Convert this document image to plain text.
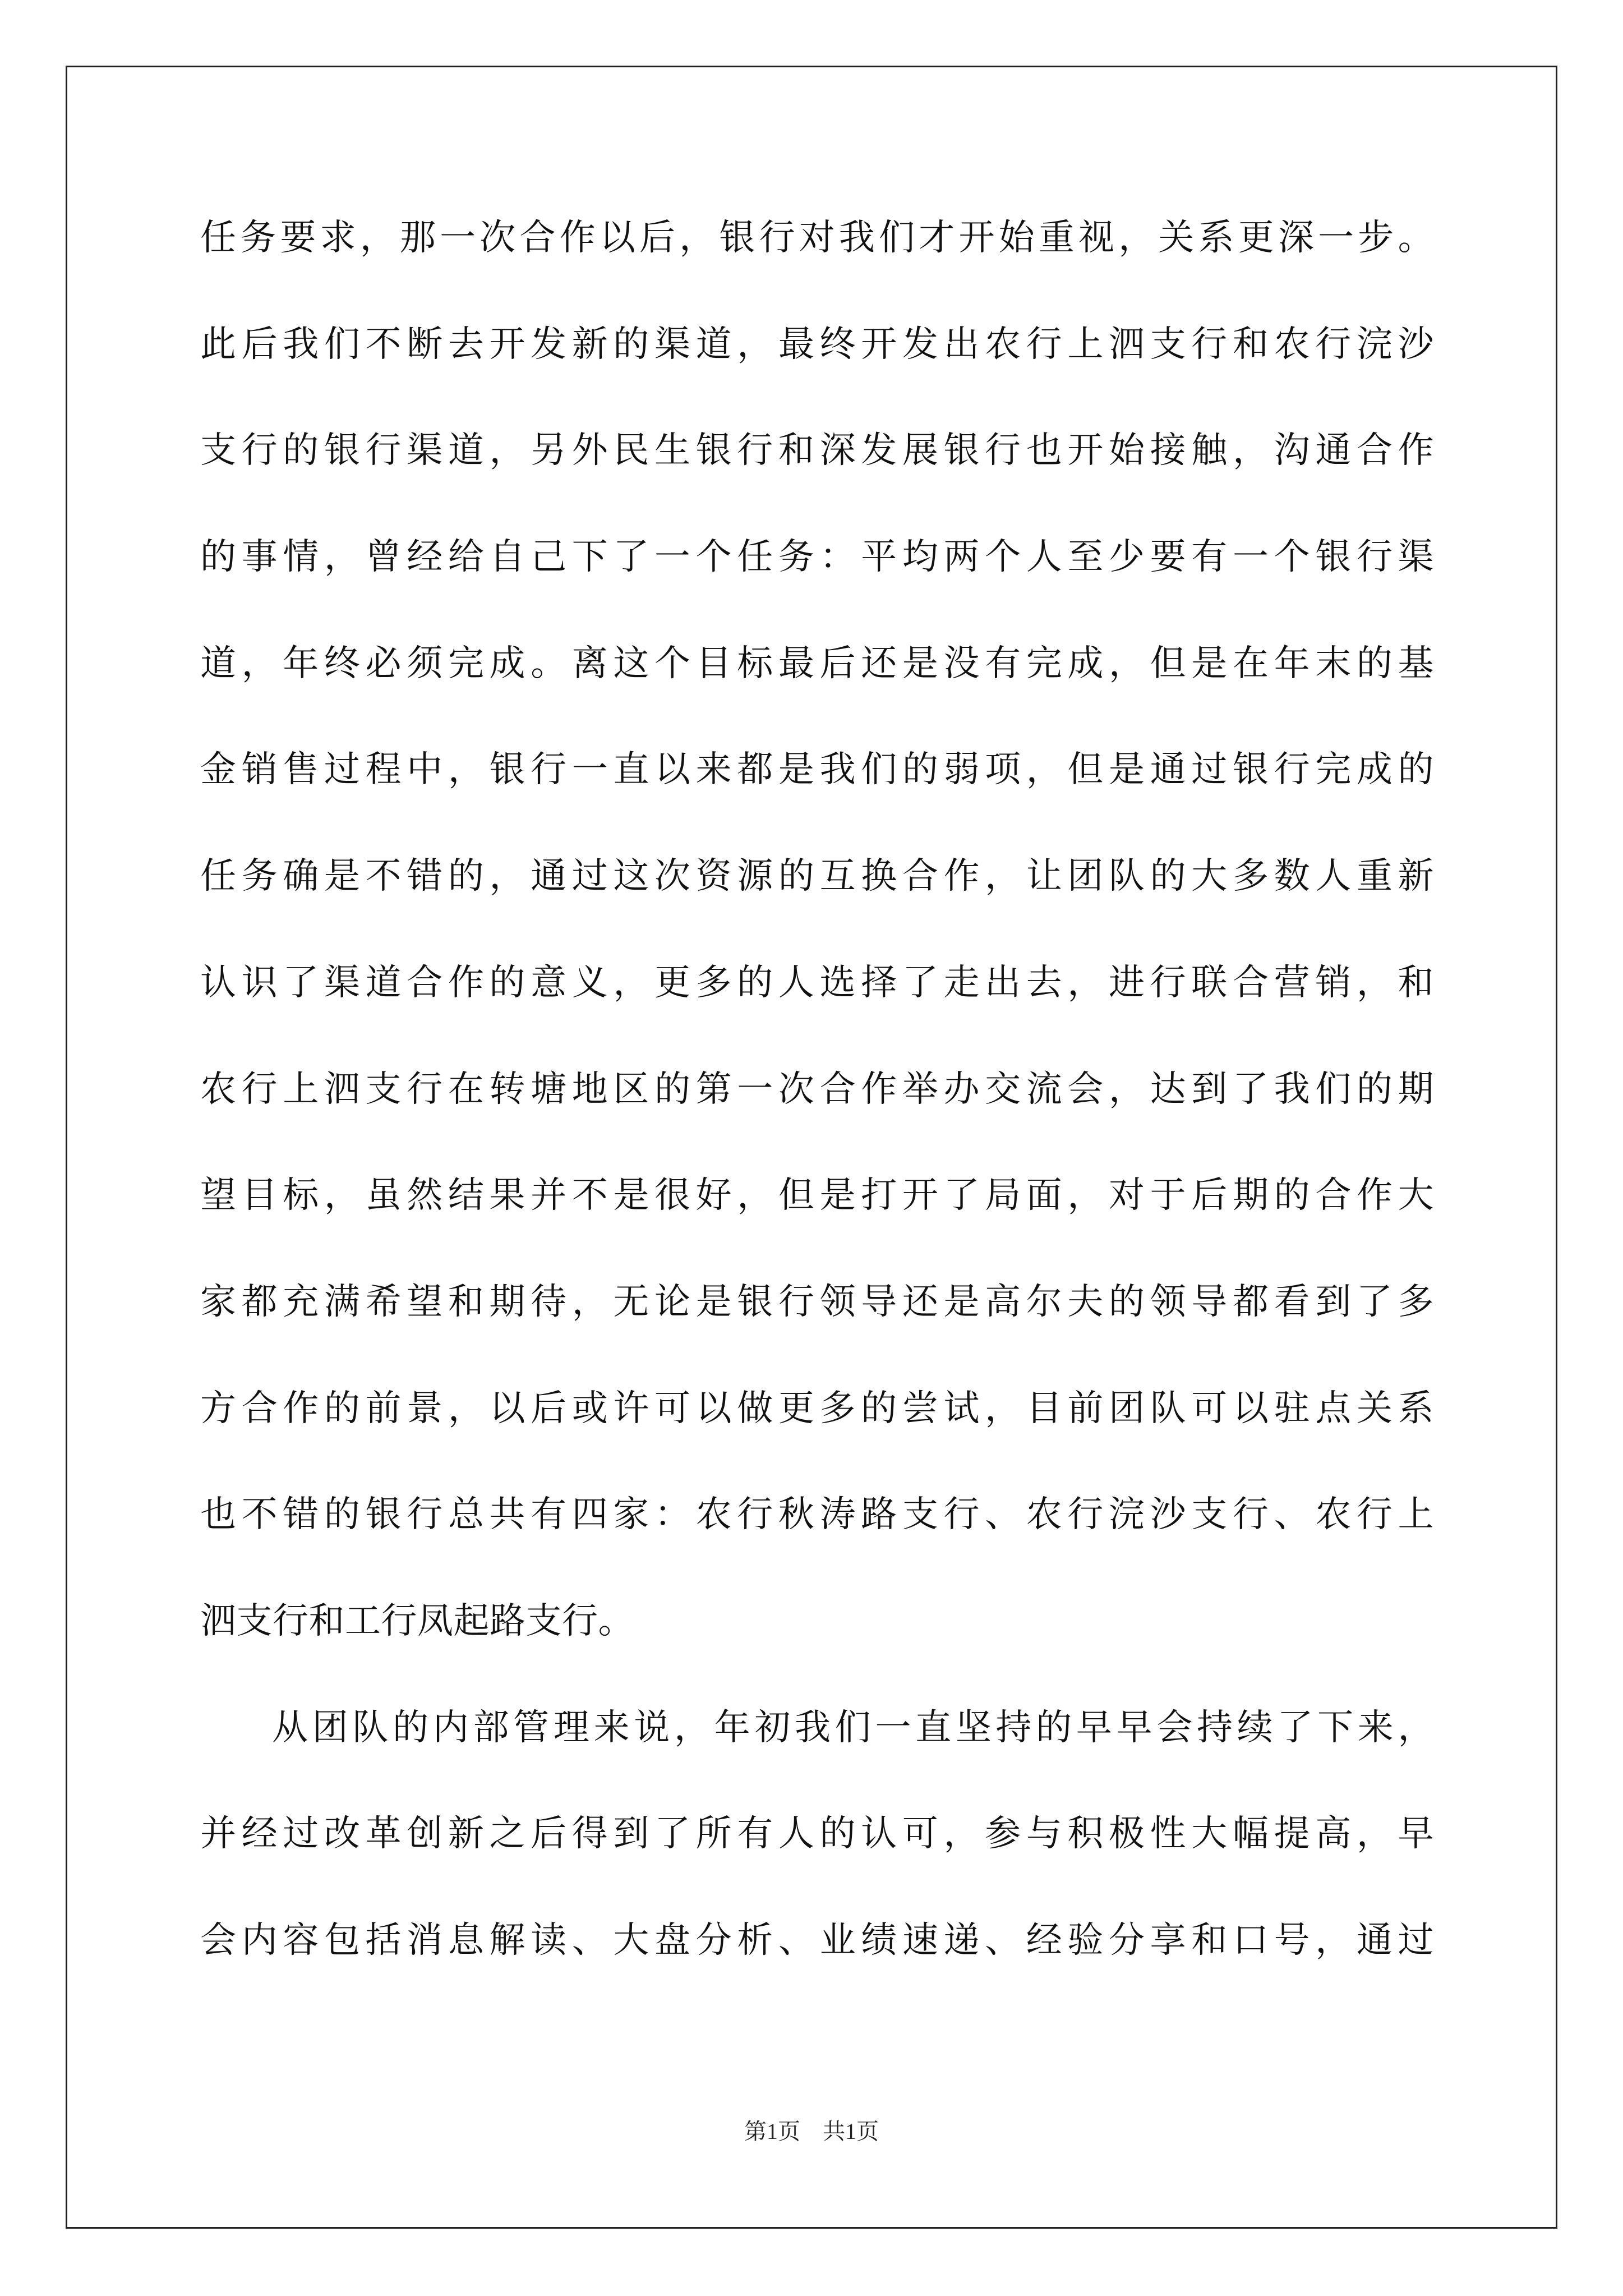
任务要求，那一次合作以后，银行对我们才开始重视，关系更深一步。
此后我们不断去开发新的渠道，最终开发出农行上泗支行和农行浣沙
支行的银行渠道，另外民生银行和深发展银行也开始接触，沟通合作
的事情，曾经给自己下了一个任务：平均两个人至少要有一个银行渠
道，年终必须完成。离这个目标最后还是没有完成，但是在年末的基
金销售过程中，银行一直以来都是我们的弱项，但是通过银行完成的
任务确是不错的，通过这次资源的互换合作，让团队的大多数人重新
认识了渠道合作的意义，更多的人选择了走出去，进行联合营销，和
农行上泗支行在转塘地区的第一次合作举办交流会，达到了我们的期
望目标，虽然结果并不是很好，但是打开了局面，对于后期的合作大
家都充满希望和期待，无论是银行领导还是高尔夫的领导都看到了多
方合作的前景，以后或许可以做更多的尝试，目前团队可以驻点关系
也不错的银行总共有四家：农行秋涛路支行、农行浣沙支行、农行上
泗支行和工行凤起路支行。
从团队的内部管理来说，年初我们一直坚持的早早会持续了下来，
并经过改革创新之后得到了所有人的认可，参与积极性大幅提高，早
会内容包括消息解读、大盘分析、业绩速递、经验分享和口号，通过
第1页　共1页
